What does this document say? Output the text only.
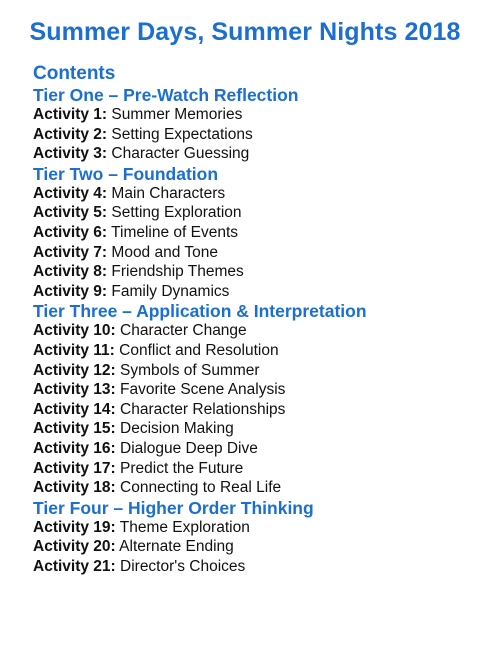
Summer Days, Summer Nights 2018
Contents
Tier One – Pre-Watch Reflection
Activity 1: Summer Memories
Activity 2: Setting Expectations
Activity 3: Character Guessing
Tier Two – Foundation
Activity 4: Main Characters
Activity 5: Setting Exploration
Activity 6: Timeline of Events
Activity 7: Mood and Tone
Activity 8: Friendship Themes
Activity 9: Family Dynamics
Tier Three – Application & Interpretation
Activity 10: Character Change
Activity 11: Conflict and Resolution
Activity 12: Symbols of Summer
Activity 13: Favorite Scene Analysis
Activity 14: Character Relationships
Activity 15: Decision Making
Activity 16: Dialogue Deep Dive
Activity 17: Predict the Future
Activity 18: Connecting to Real Life
Tier Four – Higher Order Thinking
Activity 19: Theme Exploration
Activity 20: Alternate Ending
Activity 21: Director's Choices
